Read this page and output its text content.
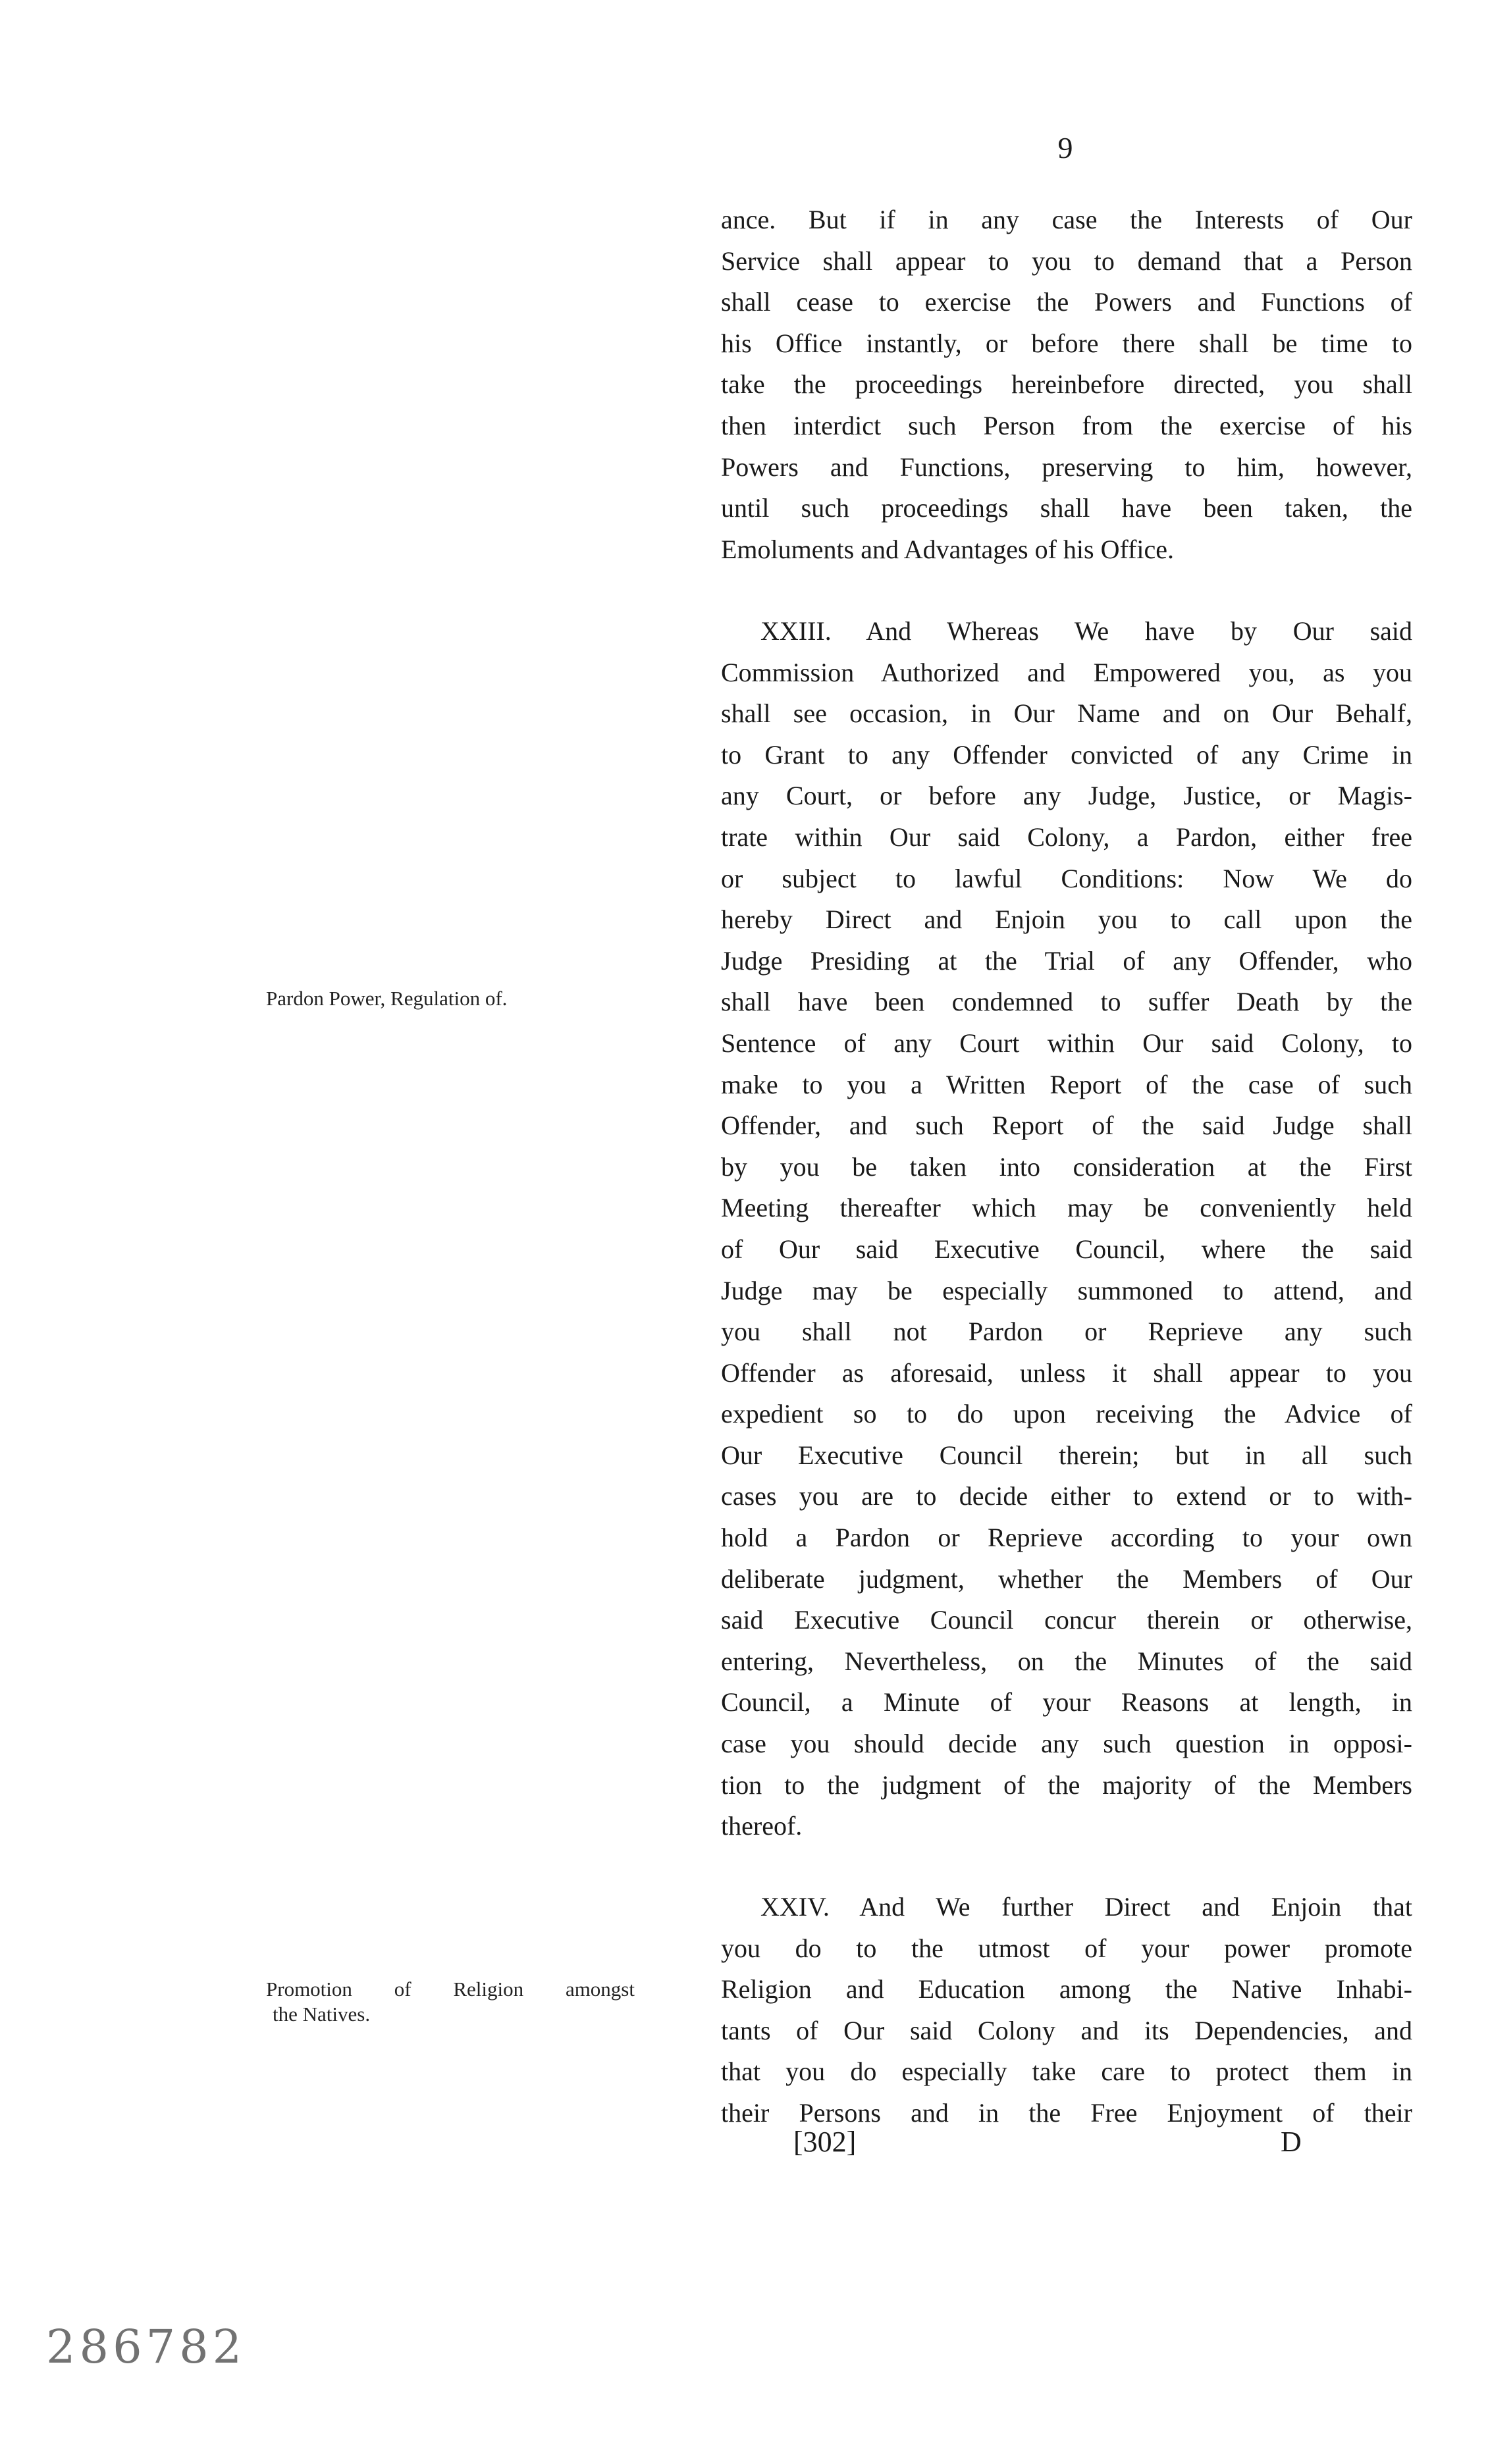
9
ance. But if in any case the Interests of Our
Service shall appear to you to demand that a Person
shall cease to exercise the Powers and Functions of
his Office instantly, or before there shall be time to
take the proceedings hereinbefore directed, you shall
then interdict such Person from the exercise of his
Powers and Functions, preserving to him, however,
until such proceedings shall have been taken, the
Emoluments and Advantages of his Office.
XXIII. And Whereas We have by Our said
Commission Authorized and Empowered you, as you
shall see occasion, in Our Name and on Our Behalf,
to Grant to any Offender convicted of any Crime in
any Court, or before any Judge, Justice, or Magis-
trate within Our said Colony, a Pardon, either free
or subject to lawful Conditions: Now We do
hereby Direct and Enjoin you to call upon the
Judge Presiding at the Trial of any Offender, who
shall have been condemned to suffer Death by the
Sentence of any Court within Our said Colony, to
make to you a Written Report of the case of such
Offender, and such Report of the said Judge shall
by you be taken into consideration at the First
Meeting thereafter which may be conveniently held
of Our said Executive Council, where the said
Judge may be especially summoned to attend, and
you shall not Pardon or Reprieve any such
Offender as aforesaid, unless it shall appear to you
expedient so to do upon receiving the Advice of
Our Executive Council therein; but in all such
cases you are to decide either to extend or to with-
hold a Pardon or Reprieve according to your own
deliberate judgment, whether the Members of Our
said Executive Council concur therein or otherwise,
entering, Nevertheless, on the Minutes of the said
Council, a Minute of your Reasons at length, in
case you should decide any such question in opposi-
tion to the judgment of the majority of the Members
thereof.
XXIV. And We further Direct and Enjoin that
you do to the utmost of your power promote
Religion and Education among the Native Inhabi-
tants of Our said Colony and its Dependencies, and
that you do especially take care to protect them in
their Persons and in the Free Enjoyment of their
Pardon Power, Regulation of.
Promotion of Religion amongst
the Natives.
[302]	D
286782
